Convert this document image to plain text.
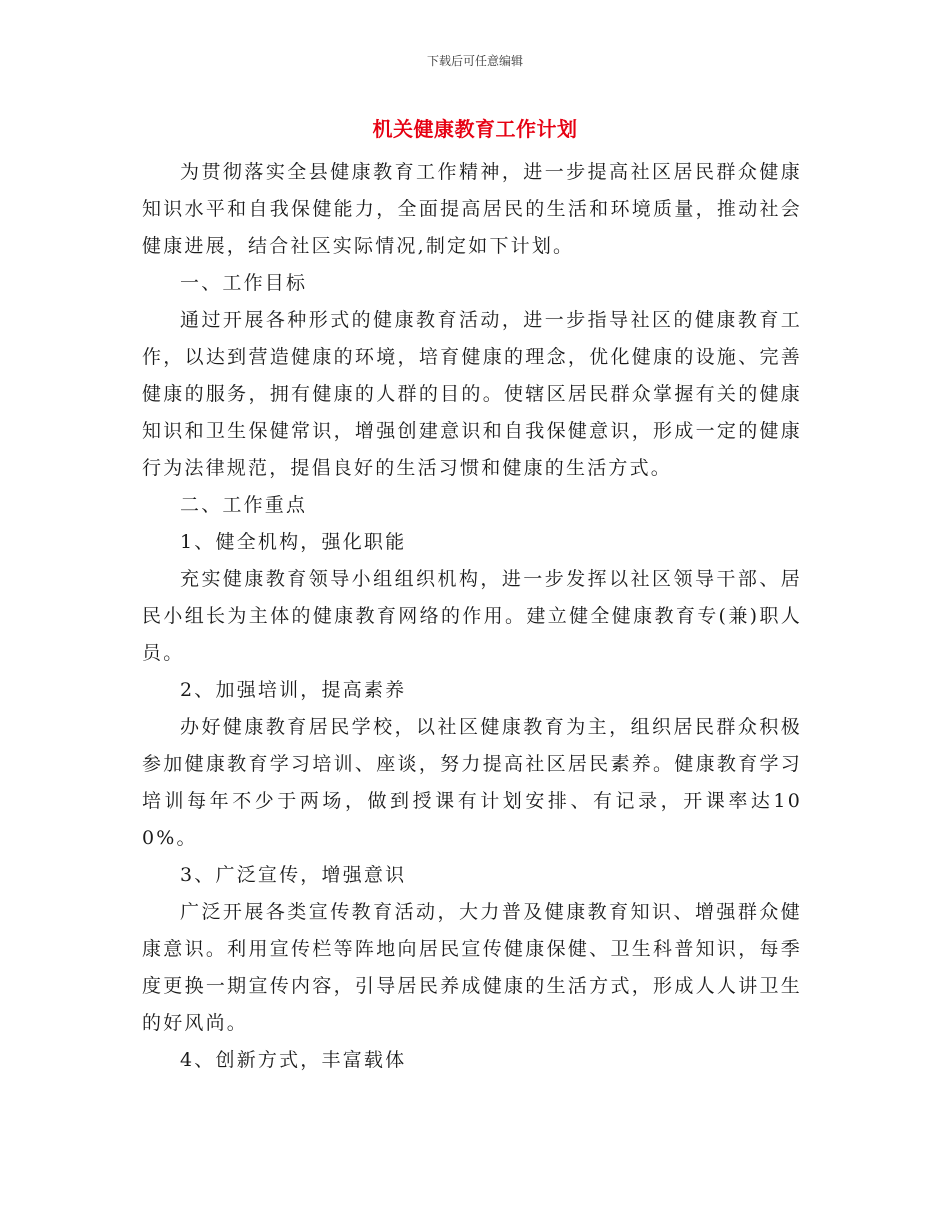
下载后可任意编辑
机关健康教育工作计划

为贯彻落实全县健康教育工作精神，进一步提高社区居民群众健康知识水平和自我保健能力，全面提高居民的生活和环境质量，推动社会健康进展，结合社区实际情况,制定如下计划。

一、工作目标

通过开展各种形式的健康教育活动，进一步指导社区的健康教育工作，以达到营造健康的环境，培育健康的理念，优化健康的设施、完善健康的服务，拥有健康的人群的目的。使辖区居民群众掌握有关的健康知识和卫生保健常识，增强创建意识和自我保健意识，形成一定的健康行为法律规范，提倡良好的生活习惯和健康的生活方式。

二、工作重点

1、健全机构，强化职能

充实健康教育领导小组组织机构，进一步发挥以社区领导干部、居民小组长为主体的健康教育网络的作用。建立健全健康教育专(兼)职人员。

2、加强培训，提高素养

办好健康教育居民学校，以社区健康教育为主，组织居民群众积极参加健康教育学习培训、座谈，努力提高社区居民素养。健康教育学习培训每年不少于两场，做到授课有计划安排、有记录，开课率达100%。

3、广泛宣传，增强意识

广泛开展各类宣传教育活动，大力普及健康教育知识、增强群众健康意识。利用宣传栏等阵地向居民宣传健康保健、卫生科普知识，每季度更换一期宣传内容，引导居民养成健康的生活方式，形成人人讲卫生的好风尚。

4、创新方式，丰富载体
